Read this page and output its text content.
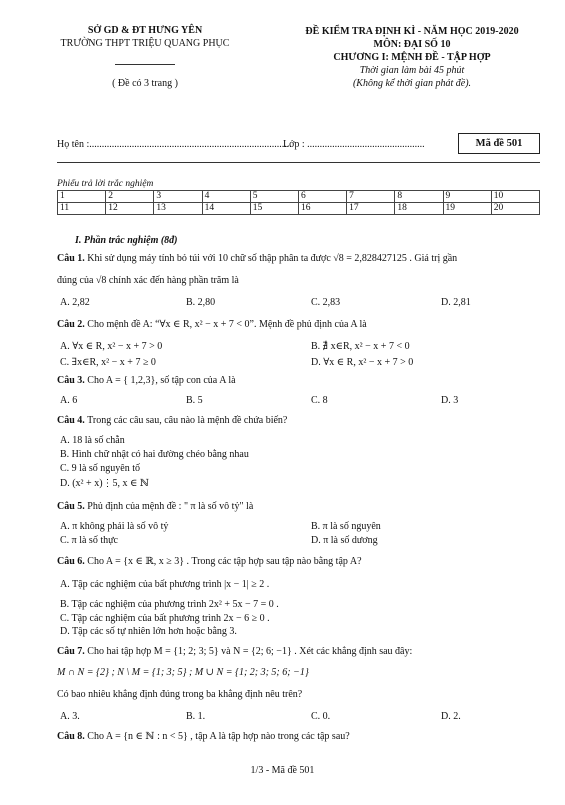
SỞ GD & ĐT HƯNG YÊN
TRƯỜNG THPT TRIỆU QUANG PHỤC
( Đề có 3 trang )
ĐỀ KIỂM TRA ĐỊNH KÌ - NĂM HỌC 2019-2020
MÔN: ĐẠI SỐ 10
CHƯƠNG I: MỆNH ĐỀ - TẬP HỢP
Thời gian làm bài 45 phút
(Không kể thời gian phát đề).
Họ tên :.................................................................................
Lớp : ...............................................	Mã đề 501
Phiếu trả lời trắc nghiệm
1	2	3	4	5	6	7	8	9	10
11	12	13	14	15	16	17	18	19	20
I. Phần trắc nghiệm (8đ)
Câu 1. Khi sử dụng máy tính bỏ túi với 10 chữ số thập phân ta được √8 = 2,828427125 . Giá trị gần
đúng của √8 chính xác đến hàng phần trăm là
A. 2,82	B. 2,80	C. 2,83	D. 2,81
Câu 2. Cho mệnh đề A: “∀x ∈ R, x² − x + 7 < 0”. Mệnh đề phủ định của A là
A. ∀x ∈ R, x² − x + 7 > 0	B. ∄ x∈R, x² − x + 7 < 0
C. ∃x∈R, x² − x + 7 ≥ 0	D. ∀x ∈ R, x² − x + 7 > 0
Câu 3. Cho A = { 1,2,3}, số tập con của A là
A. 6	B. 5	C. 8	D. 3
Câu 4. Trong các câu sau, câu nào là mệnh đề chứa biến?
A. 18 là số chẵn
B. Hình chữ nhật có hai đường chéo bằng nhau
C. 9 là số nguyên tố
D. (x² + x)⋮5, x ∈ ℕ
Câu 5. Phủ định của mệnh đề : " π là số vô tỷ" là
A. π không phải là số vô tỷ	B. π là số nguyên
C. π là số thực	D. π là số dương
Câu 6. Cho A = {x ∈ ℝ, x ≥ 3} . Trong các tập hợp sau tập nào bằng tập A?
A. Tập các nghiệm của bất phương trình |x − 1| ≥ 2 .
B. Tập các nghiệm của phương trình 2x² + 5x − 7 = 0 .
C. Tập các nghiệm của bất phương trình 2x − 6 ≥ 0 .
D. Tập các số tự nhiên lớn hơn hoặc bằng 3.
Câu 7. Cho hai tập hợp M = {1; 2; 3; 5} và N = {2; 6; −1} . Xét các khẳng định sau đây:
M ∩ N = {2} ; N \ M = {1; 3; 5} ; M ∪ N = {1; 2; 3; 5; 6; −1}
Có bao nhiêu khẳng định đúng trong ba khẳng định nêu trên?
A. 3.	B. 1.	C. 0.	D. 2.
Câu 8. Cho A = {n ∈ ℕ : n < 5} , tập A là tập hợp nào trong các tập sau?
1/3 - Mã đề 501
